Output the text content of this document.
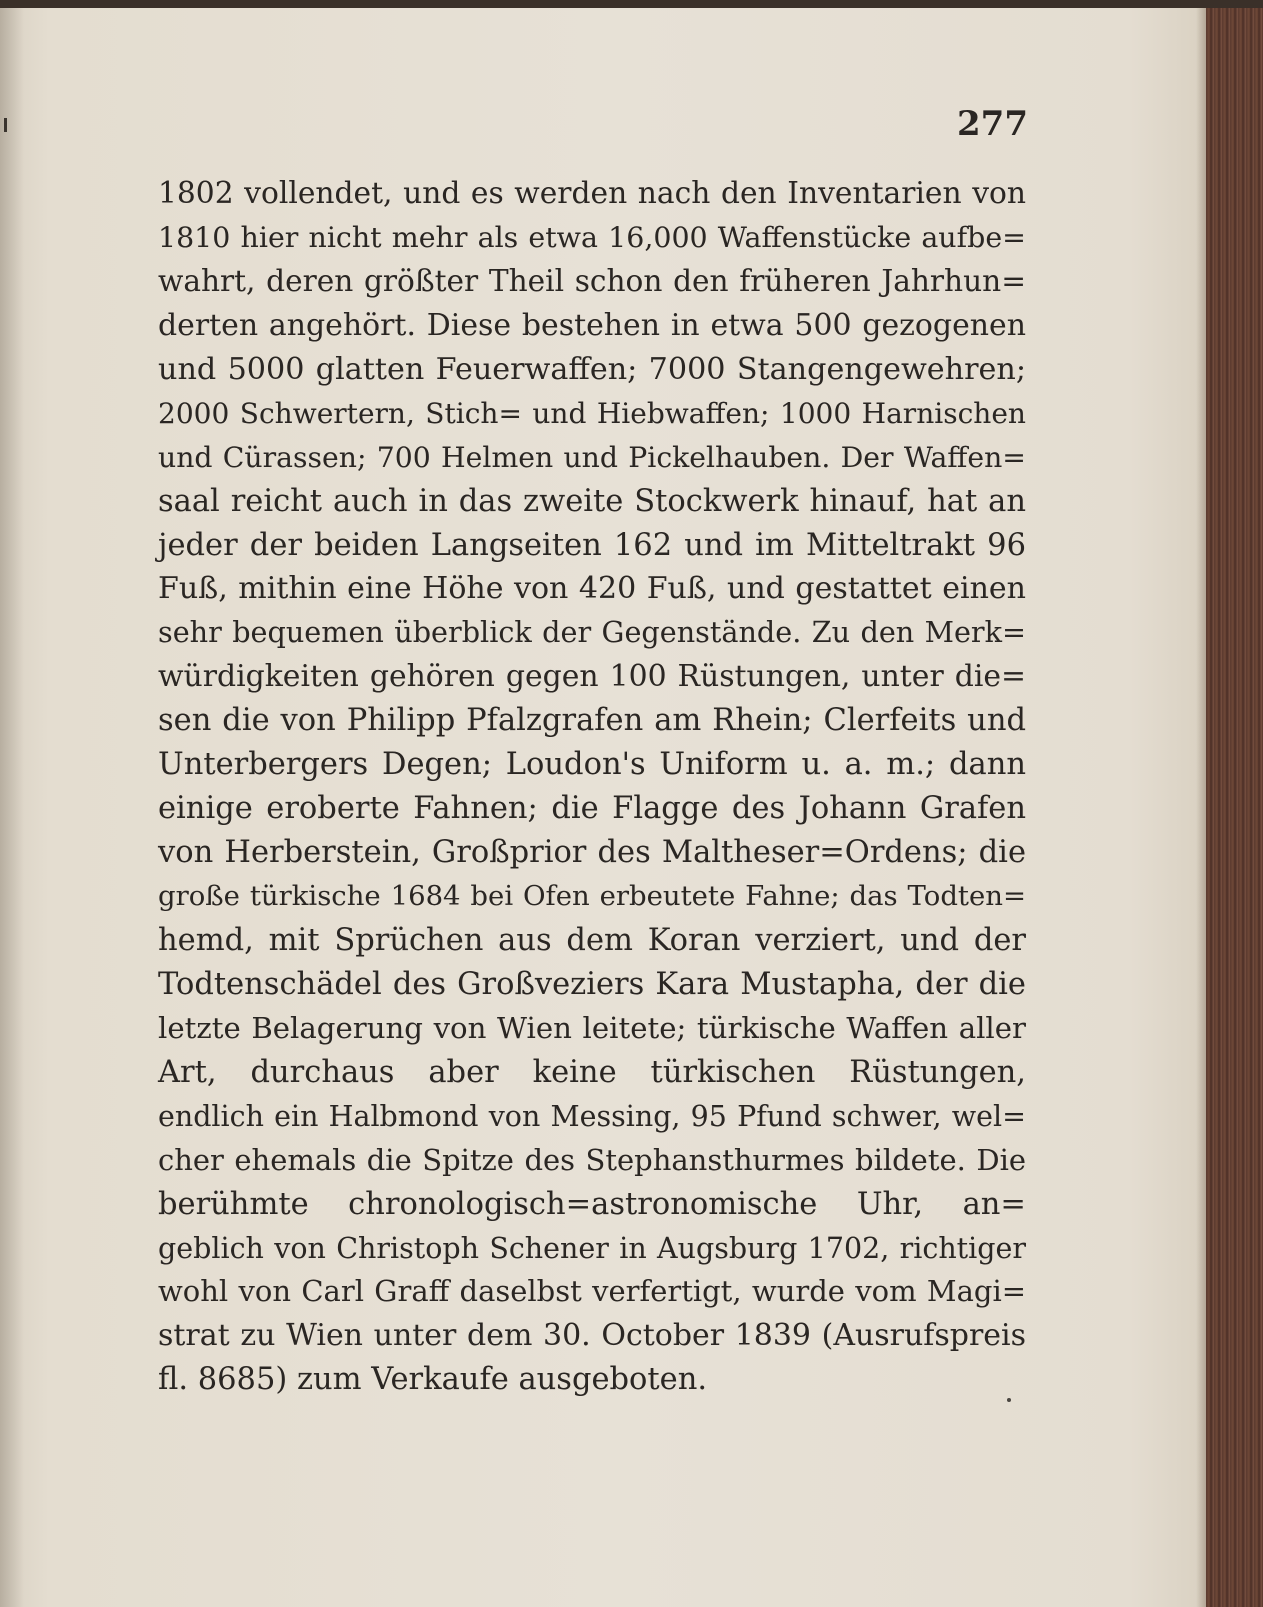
277
1802 vollendet, und es werden nach den Inventarien von
1810 hier nicht mehr als etwa 16,000 Waffenstücke aufbe=
wahrt, deren größter Theil schon den früheren Jahrhun=
derten angehört. Diese bestehen in etwa 500 gezogenen
und 5000 glatten Feuerwaffen; 7000 Stangengewehren;
2000 Schwertern, Stich= und Hiebwaffen; 1000 Harnischen
und Cürassen; 700 Helmen und Pickelhauben. Der Waffen=
saal reicht auch in das zweite Stockwerk hinauf, hat an
jeder der beiden Langseiten 162 und im Mitteltrakt 96
Fuß, mithin eine Höhe von 420 Fuß, und gestattet einen
sehr bequemen überblick der Gegenstände. Zu den Merk=
würdigkeiten gehören gegen 100 Rüstungen, unter die=
sen die von Philipp Pfalzgrafen am Rhein; Clerfeits und
Unterbergers Degen; Loudon's Uniform u. a. m.; dann
einige eroberte Fahnen; die Flagge des Johann Grafen
von Herberstein, Großprior des Maltheser=Ordens; die
große türkische 1684 bei Ofen erbeutete Fahne; das Todten=
hemd, mit Sprüchen aus dem Koran verziert, und der
Todtenschädel des Großveziers Kara Mustapha, der die
letzte Belagerung von Wien leitete; türkische Waffen aller
Art, durchaus aber keine türkischen Rüstungen,
endlich ein Halbmond von Messing, 95 Pfund schwer, wel=
cher ehemals die Spitze des Stephansthurmes bildete. Die
berühmte chronologisch=astronomische Uhr, an=
geblich von Christoph Schener in Augsburg 1702, richtiger
wohl von Carl Graff daselbst verfertigt, wurde vom Magi=
strat zu Wien unter dem 30. October 1839 (Ausrufspreis
fl. 8685) zum Verkaufe ausgeboten.
